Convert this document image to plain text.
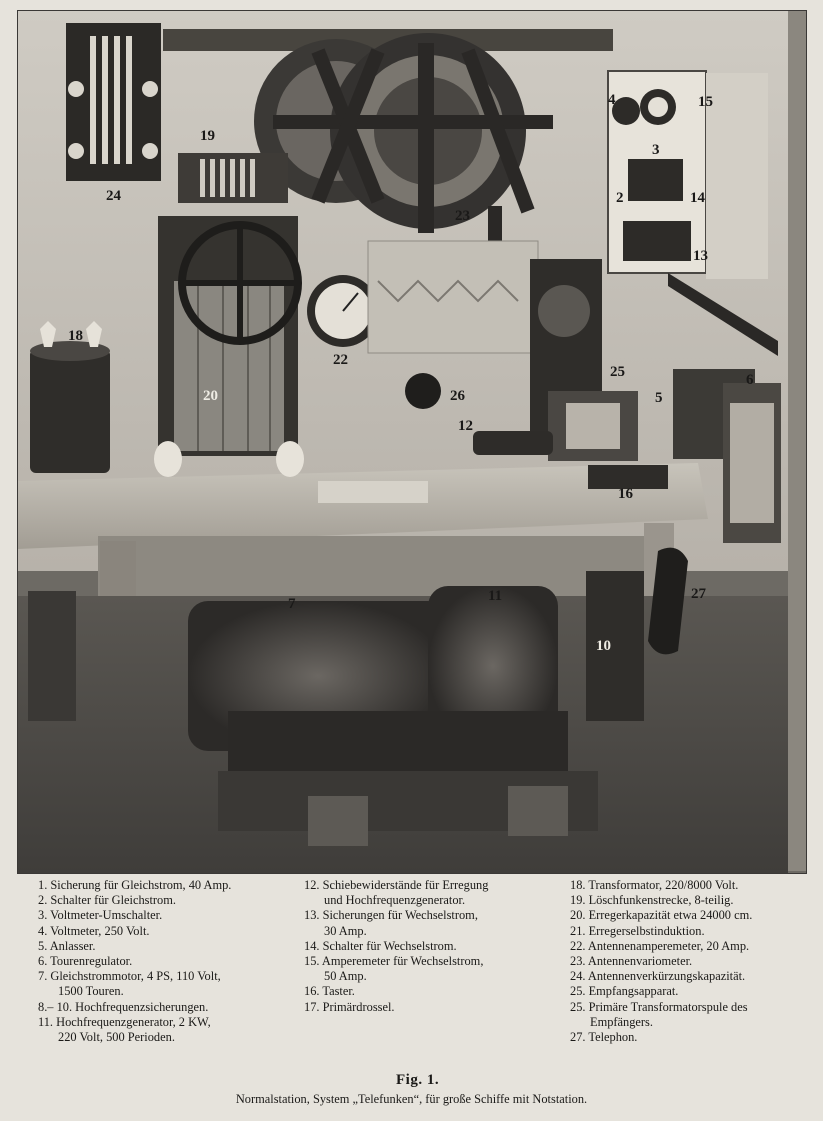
24
19
23
4	15
3
2	14
13
18
20
22
26
12
25
5
6
16
7	11
10
27
1. Sicherung für Gleichstrom, 40 Amp.
2. Schalter für Gleichstrom.
3. Voltmeter-Umschalter.
4. Voltmeter, 250 Volt.
5. Anlasser.
6. Tourenregulator.
7. Gleichstrommotor, 4 PS, 110 Volt,
1500 Touren.
8.– 10. Hochfrequenzsicherungen.
11. Hochfrequenzgenerator, 2 KW,
220 Volt, 500 Perioden.
12. Schiebewiderstände für Erregung
und Hochfrequenzgenerator.
13. Sicherungen für Wechselstrom,
30 Amp.
14. Schalter für Wechselstrom.
15. Amperemeter für Wechselstrom,
50 Amp.
16. Taster.
17. Primärdrossel.
18. Transformator, 220/8000 Volt.
19. Löschfunkenstrecke, 8-teilig.
20. Erregerkapazität etwa 24000 cm.
21. Erregerselbstinduktion.
22. Antennenamperemeter, 20 Amp.
23. Antennenvariometer.
24. Antennenverkürzungskapazität.
25. Empfangsapparat.
25. Primäre Transformatorspule des
Empfängers.
27. Telephon.
Fig. 1.
Normalstation, System „Telefunken“, für große Schiffe mit Notstation.
